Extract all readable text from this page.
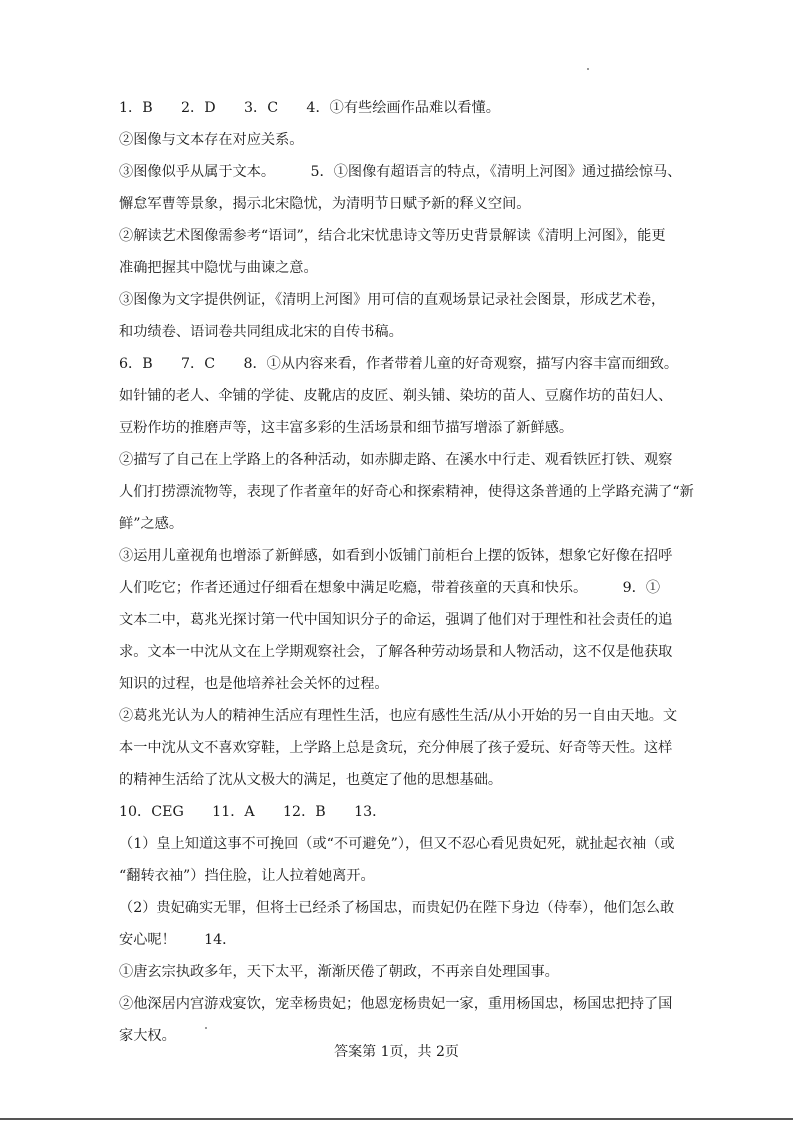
1．B　　2．D　　3．C　　4．①有些绘画作品难以看懂。
②图像与文本存在对应关系。
③图像似乎从属于文本。　　　5．①图像有超语言的特点，《清明上河图》通过描绘惊马、
懈怠军曹等景象，揭示北宋隐忧，为清明节日赋予新的释义空间。
②解读艺术图像需参考“语词”，结合北宋忧患诗文等历史背景解读《清明上河图》，能更
准确把握其中隐忧与曲谏之意。
③图像为文字提供例证，《清明上河图》用可信的直观场景记录社会图景，形成艺术卷，
和功绩卷、语词卷共同组成北宋的自传书稿。
6．B　　7．C　　8．①从内容来看，作者带着儿童的好奇观察，描写内容丰富而细致。
如针铺的老人、伞铺的学徒、皮靴店的皮匠、剃头铺、染坊的苗人、豆腐作坊的苗妇人、
豆粉作坊的推磨声等，这丰富多彩的生活场景和细节描写增添了新鲜感。
②描写了自己在上学路上的各种活动，如赤脚走路、在溪水中行走、观看铁匠打铁、观察
人们打捞漂流物等，表现了作者童年的好奇心和探索精神，使得这条普通的上学路充满了“新
鲜”之感。
③运用儿童视角也增添了新鲜感，如看到小饭铺门前柜台上摆的饭钵，想象它好像在招呼
人们吃它；作者还通过仔细看在想象中满足吃瘾，带着孩童的天真和快乐。　　　9．①
文本二中，葛兆光探讨第一代中国知识分子的命运，强调了他们对于理性和社会责任的追
求。文本一中沈从文在上学期观察社会，了解各种劳动场景和人物活动，这不仅是他获取
知识的过程，也是他培养社会关怀的过程。
②葛兆光认为人的精神生活应有理性生活，也应有感性生活/从小开始的另一自由天地。文
本一中沈从文不喜欢穿鞋，上学路上总是贪玩，充分伸展了孩子爱玩、好奇等天性。这样
的精神生活给了沈从文极大的满足，也奠定了他的思想基础。
10．CEG　　11．A　　12．B　　13．
（1）皇上知道这事不可挽回（或“不可避免”），但又不忍心看见贵妃死，就扯起衣袖（或
“翻转衣袖”）挡住脸，让人拉着她离开。
（2）贵妃确实无罪，但将士已经杀了杨国忠，而贵妃仍在陛下身边（侍奉），他们怎么敢
安心呢！　　14．
①唐玄宗执政多年，天下太平，渐渐厌倦了朝政，不再亲自处理国事。
②他深居内宫游戏宴饮，宠幸杨贵妃；他恩宠杨贵妃一家，重用杨国忠，杨国忠把持了国
家大权。
答案第 1页，共 2页
